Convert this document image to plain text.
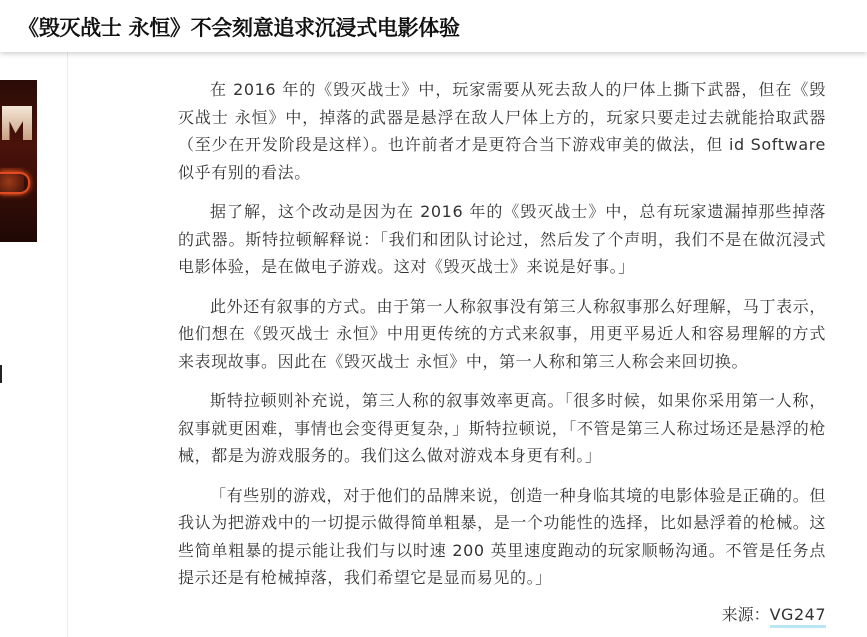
《毁灭战士 永恒》不会刻意追求沉浸式电影体验

在 2016 年的《毁灭战士》中，玩家需要从死去敌人的尸体上撕下武器，但在《毁灭战士 永恒》中，掉落的武器是悬浮在敌人尸体上方的，玩家只要走过去就能拾取武器（至少在开发阶段是这样）。也许前者才是更符合当下游戏审美的做法，但 id Software 似乎有别的看法。

据了解，这个改动是因为在 2016 年的《毁灭战士》中，总有玩家遗漏掉那些掉落的武器。斯特拉顿解释说：「我们和团队讨论过，然后发了个声明，我们不是在做沉浸式电影体验，是在做电子游戏。这对《毁灭战士》来说是好事。」

此外还有叙事的方式。由于第一人称叙事没有第三人称叙事那么好理解，马丁表示，他们想在《毁灭战士 永恒》中用更传统的方式来叙事，用更平易近人和容易理解的方式来表现故事。因此在《毁灭战士 永恒》中，第一人称和第三人称会来回切换。

斯特拉顿则补充说，第三人称的叙事效率更高。「很多时候，如果你采用第一人称，叙事就更困难，事情也会变得更复杂，」斯特拉顿说，「不管是第三人称过场还是悬浮的枪械，都是为游戏服务的。我们这么做对游戏本身更有利。」

「有些别的游戏，对于他们的品牌来说，创造一种身临其境的电影体验是正确的。但我认为把游戏中的一切提示做得简单粗暴，是一个功能性的选择，比如悬浮着的枪械。这些简单粗暴的提示能让我们与以时速 200 英里速度跑动的玩家顺畅沟通。不管是任务点提示还是有枪械掉落，我们希望它是显而易见的。」

来源：VG247
